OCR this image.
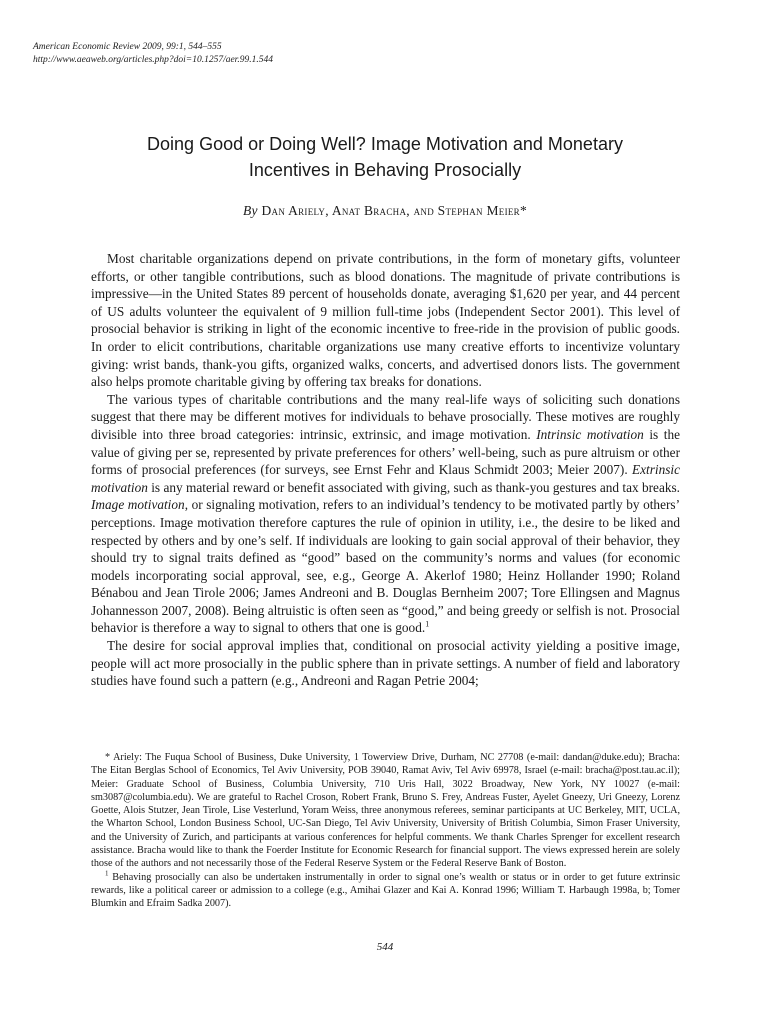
American Economic Review 2009, 99:1, 544–555
http://www.aeaweb.org/articles.php?doi=10.1257/aer.99.1.544
Doing Good or Doing Well? Image Motivation and Monetary
Incentives in Behaving Prosocially
By Dan Ariely, Anat Bracha, and Stephan Meier*

Most charitable organizations depend on private contributions, in the form of monetary gifts, volunteer efforts, or other tangible contributions, such as blood donations. The magnitude of private contributions is impressive—in the United States 89 percent of households donate, averaging $1,620 per year, and 44 percent of US adults volunteer the equivalent of 9 million full-time jobs (Independent Sector 2001). This level of prosocial behavior is striking in light of the economic incentive to free-ride in the provision of public goods. In order to elicit contributions, charitable organizations use many creative efforts to incentivize voluntary giving: wrist bands, thank-you gifts, organized walks, concerts, and advertised donors lists. The government also helps promote charitable giving by offering tax breaks for donations.

The various types of charitable contributions and the many real-life ways of soliciting such donations suggest that there may be different motives for individuals to behave prosocially. These motives are roughly divisible into three broad categories: intrinsic, extrinsic, and image motivation. Intrinsic motivation is the value of giving per se, represented by private preferences for others’ well-being, such as pure altruism or other forms of prosocial preferences (for surveys, see Ernst Fehr and Klaus Schmidt 2003; Meier 2007). Extrinsic motivation is any material reward or benefit associated with giving, such as thank-you gestures and tax breaks. Image motivation, or signaling motivation, refers to an individual’s tendency to be motivated partly by others’ perceptions. Image motivation therefore captures the rule of opinion in utility, i.e., the desire to be liked and respected by others and by one’s self. If individuals are looking to gain social approval of their behavior, they should try to signal traits defined as “good” based on the community’s norms and values (for economic models incorporating social approval, see, e.g., George A. Akerlof 1980; Heinz Hollander 1990; Roland Bénabou and Jean Tirole 2006; James Andreoni and B. Douglas Bernheim 2007; Tore Ellingsen and Magnus Johannesson 2007, 2008). Being altruistic is often seen as “good,” and being greedy or selfish is not. Prosocial behavior is therefore a way to signal to others that one is good.$^1$

The desire for social approval implies that, conditional on prosocial activity yielding a positive image, people will act more prosocially in the public sphere than in private settings. A number of field and laboratory studies have found such a pattern (e.g., Andreoni and Ragan Petrie 2004;

* Ariely: The Fuqua School of Business, Duke University, 1 Towerview Drive, Durham, NC 27708 (e-mail: dandan@duke.edu); Bracha: The Eitan Berglas School of Economics, Tel Aviv University, POB 39040, Ramat Aviv, Tel Aviv 69978, Israel (e-mail: bracha@post.tau.ac.il); Meier: Graduate School of Business, Columbia University, 710 Uris Hall, 3022 Broadway, New York, NY 10027 (e-mail: sm3087@columbia.edu). We are grateful to Rachel Croson, Robert Frank, Bruno S. Frey, Andreas Fuster, Ayelet Gneezy, Uri Gneezy, Lorenz Goette, Alois Stutzer, Jean Tirole, Lise Vesterlund, Yoram Weiss, three anonymous referees, seminar participants at UC Berkeley, MIT, UCLA, the Wharton School, London Business School, UC-San Diego, Tel Aviv University, University of British Columbia, Simon Fraser University, and the University of Zurich, and participants at various conferences for helpful comments. We thank Charles Sprenger for excellent research assistance. Bracha would like to thank the Foerder Institute for Economic Research for financial support. The views expressed herein are solely those of the authors and not necessarily those of the Federal Reserve System or the Federal Reserve Bank of Boston.

$^1$ Behaving prosocially can also be undertaken instrumentally in order to signal one’s wealth or status or in order to get future extrinsic rewards, like a political career or admission to a college (e.g., Amihai Glazer and Kai A. Konrad 1996; William T. Harbaugh 1998a, b; Tomer Blumkin and Efraim Sadka 2007).

544
